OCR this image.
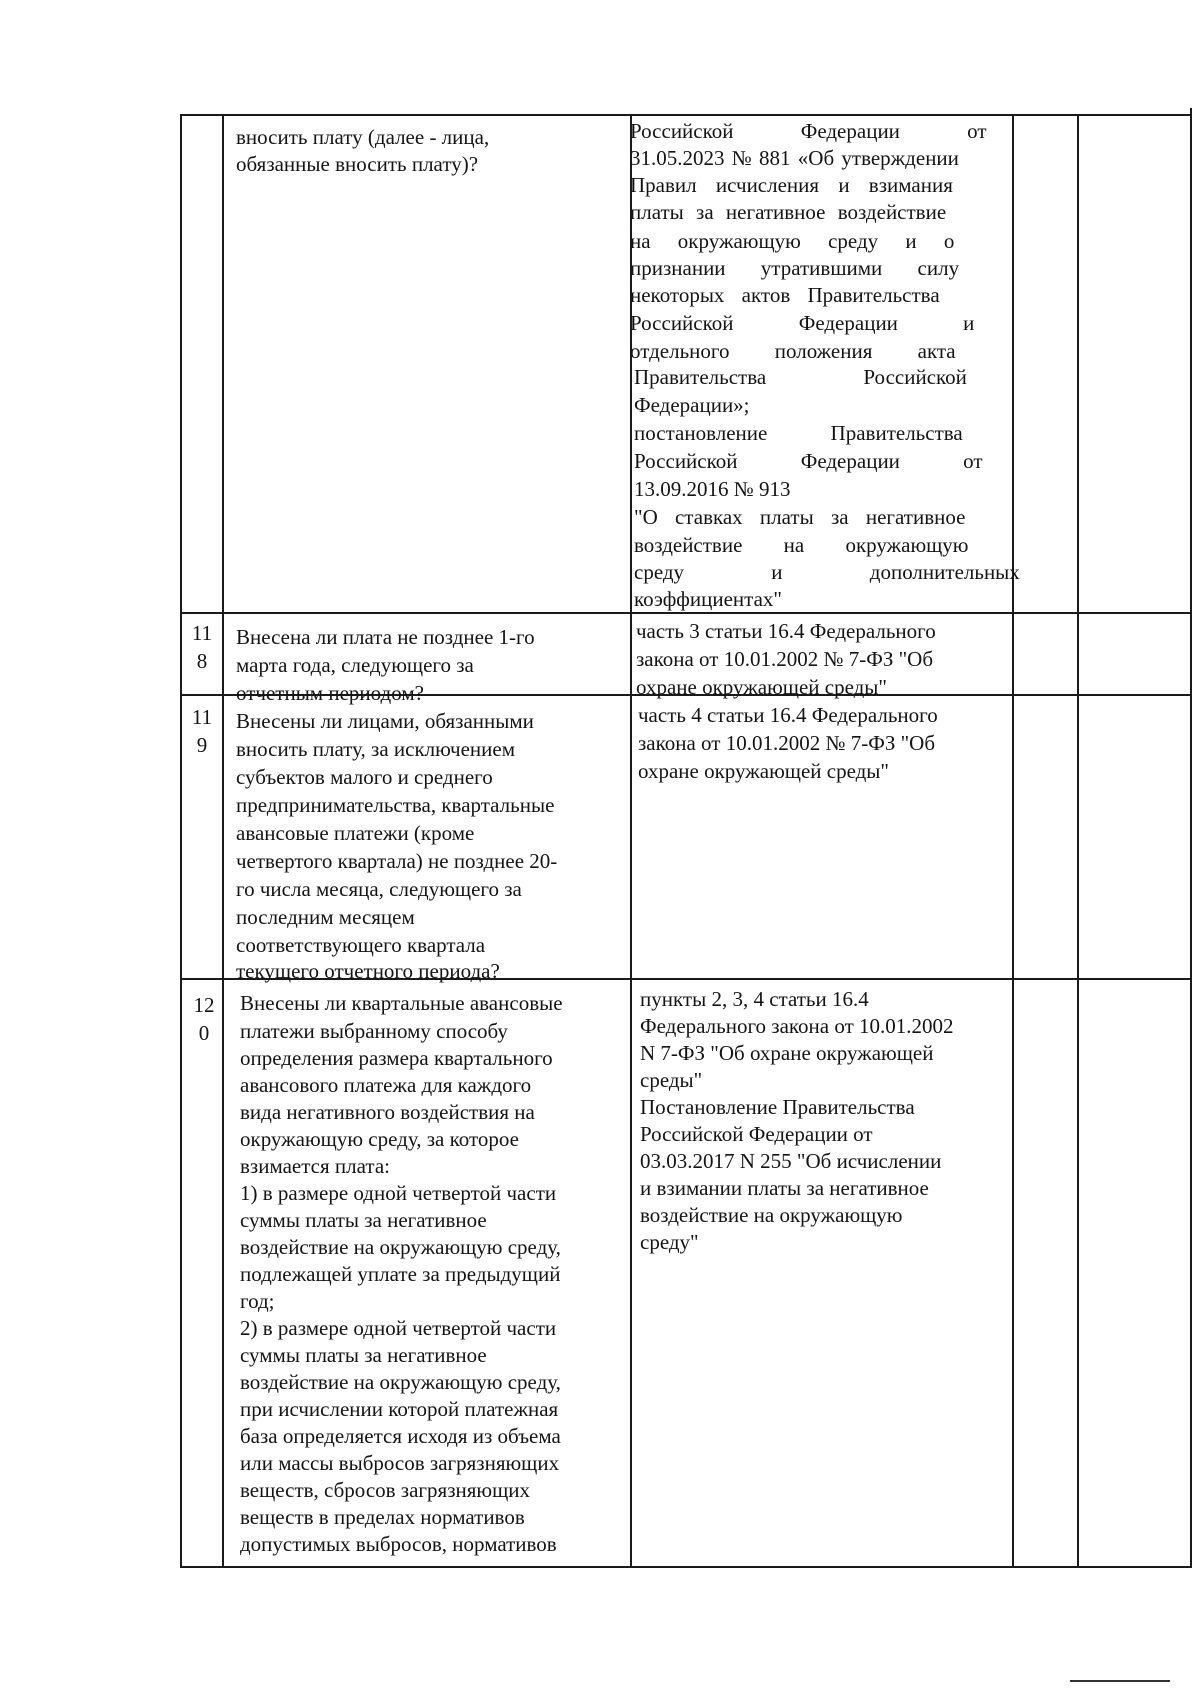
вносить плату (далее - лица,
обязанные вносить плату)?
Российской Федерации от
31.05.2023 № 881 «Об утверждении
Правил исчисления и взимания
платы за негативное воздействие
на окружающую среду и о
признании утратившими силу
некоторых актов Правительства
Российской Федерации и
отдельного положения акта
Правительства Российской
Федерации»;
постановление Правительства
Российской Федерации от
13.09.2016 № 913
"О ставках платы за негативное
воздействие на окружающую
среду и дополнительных
коэффициентах"
11
8
Внесена ли плата не позднее 1-го
марта года, следующего за
отчетным периодом?
часть 3 статьи 16.4 Федерального
закона от 10.01.2002 № 7-ФЗ "Об
охране окружающей среды"
11
9
Внесены ли лицами, обязанными
вносить плату, за исключением
субъектов малого и среднего
предпринимательства, квартальные
авансовые платежи (кроме
четвертого квартала) не позднее 20-
го числа месяца, следующего за
последним месяцем
соответствующего квартала
текущего отчетного периода?
часть 4 статьи 16.4 Федерального
закона от 10.01.2002 № 7-ФЗ "Об
охране окружающей среды"
12
0
Внесены ли квартальные авансовые
платежи выбранному способу
определения размера квартального
авансового платежа для каждого
вида негативного воздействия на
окружающую среду, за которое
взимается плата:
1) в размере одной четвертой части
суммы платы за негативное
воздействие на окружающую среду,
подлежащей уплате за предыдущий
год;
2) в размере одной четвертой части
суммы платы за негативное
воздействие на окружающую среду,
при исчислении которой платежная
база определяется исходя из объема
или массы выбросов загрязняющих
веществ, сбросов загрязняющих
веществ в пределах нормативов
допустимых выбросов, нормативов
пункты 2, 3, 4 статьи 16.4
Федерального закона от 10.01.2002
N 7-ФЗ "Об охране окружающей
среды"
Постановление Правительства
Российской Федерации от
03.03.2017 N 255 "Об исчислении
и взимании платы за негативное
воздействие на окружающую
среду"
